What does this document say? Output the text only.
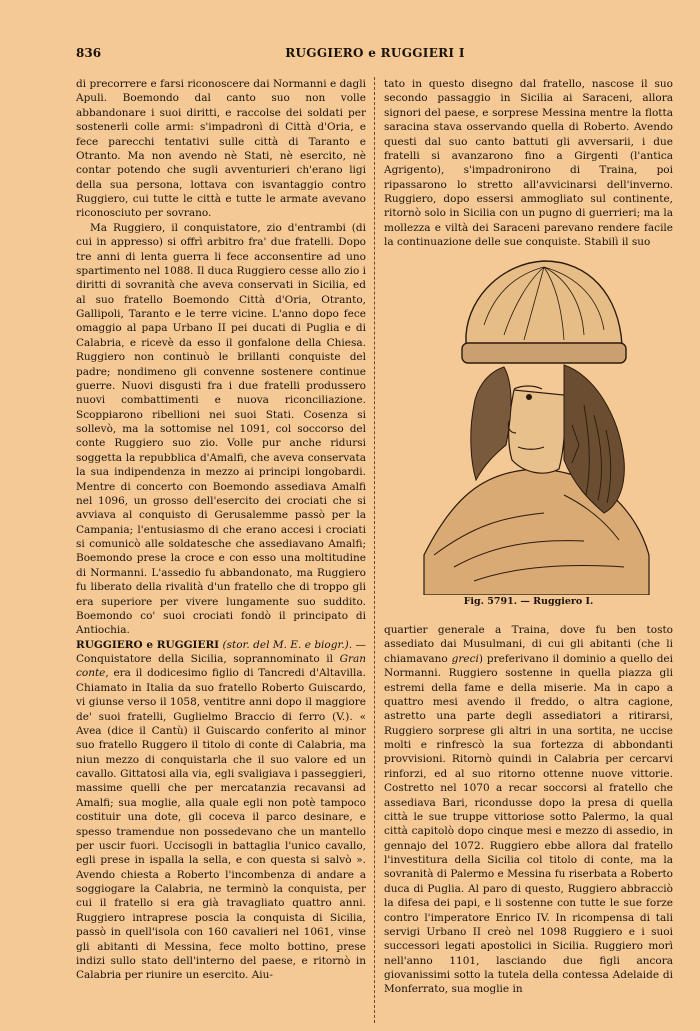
836	RUGGIERO e RUGGIERI I

di precorrere e farsi riconoscere dai Normanni e dagli Apuli. Boemondo dal canto suo non volle abbandonare i suoi diritti, e raccolse dei soldati per sostenerli colle armi: s'impadronì di Città d'Oria, e fece parecchi tentativi sulle città di Taranto e Otranto. Ma non avendo nè Stati, nè esercito, nè contar potendo che sugli avventurieri ch'erano ligi della sua persona, lottava con isvantaggio contro Ruggiero, cui tutte le città e tutte le armate avevano riconosciuto per sovrano.

Ma Ruggiero, il conquistatore, zio d'entrambi (di cui in appresso) si offrì arbitro fra' due fratelli. Dopo tre anni di lenta guerra li fece acconsentire ad uno spartimento nel 1088. Il duca Ruggiero cesse allo zio i diritti di sovranità che aveva conservati in Sicilia, ed al suo fratello Boemondo Città d'Oria, Otranto, Gallipoli, Taranto e le terre vicine. L'anno dopo fece omaggio al papa Urbano II pei ducati di Puglia e di Calabria, e ricevè da esso il gonfalone della Chiesa. Ruggiero non continuò le brillanti conquiste del padre; nondimeno gli convenne sostenere continue guerre. Nuovi disgusti fra i due fratelli produssero nuovi combattimenti e nuova riconciliazione. Scoppiarono ribellioni nei suoi Stati. Cosenza si sollevò, ma la sottomise nel 1091, col soccorso del conte Ruggiero suo zio. Volle pur anche ridursi soggetta la repubblica d'Amalfi, che aveva conservata la sua indipendenza in mezzo ai principi longobardi. Mentre di concerto con Boemondo assediava Amalfi nel 1096, un grosso dell'esercito dei crociati che si avviava al conquisto di Gerusalemme passò per la Campania; l'entusiasmo di che erano accesi i crociati si comunicò alle soldatesche che assediavano Amalfi; Boemondo prese la croce e con esso una moltitudine di Normanni. L'assedio fu abbandonato, ma Ruggiero fu liberato della rivalità d'un fratello che di troppo gli era superiore per vivere lungamente suo suddito. Boemondo co' suoi crociati fondò il principato di Antiochia.

RUGGIERO e RUGGIERI (stor. del M. E. e biogr.). — Conquistatore della Sicilia, soprannominato il Gran conte, era il dodicesimo figlio di Tancredi d'Altavilla. Chiamato in Italia da suo fratello Roberto Guiscardo, vi giunse verso il 1058, ventitre anni dopo il maggiore de' suoi fratelli, Guglielmo Braccio di ferro (V.). « Avea (dice il Cantù) il Guiscardo conferito al minor suo fratello Ruggero il titolo di conte di Calabria, ma niun mezzo di conquistarla che il suo valore ed un cavallo. Gittatosi alla via, egli svaligiava i passeggieri, massime quelli che per mercatanzia recavansi ad Amalfi; sua moglie, alla quale egli non potè tampoco costituir una dote, gli coceva il parco desinare, e spesso tramendue non possedevano che un mantello per uscir fuori. Uccisogli in battaglia l'unico cavallo, egli prese in ispalla la sella, e con questa si salvò ». Avendo chiesta a Roberto l'incombenza di andare a soggiogare la Calabria, ne terminò la conquista, per cui il fratello si era già travagliato quattro anni. Ruggiero intraprese poscia la conquista di Sicilia, passò in quell'isola con 160 cavalieri nel 1061, vinse gli abitanti di Messina, fece molto bottino, prese indizi sullo stato dell'interno del paese, e ritornò in Calabria per riunire un esercito. Aiu-

tato in questo disegno dal fratello, nascose il suo secondo passaggio in Sicilia ai Saraceni, allora signori del paese, e sorprese Messina mentre la flotta saracina stava osservando quella di Roberto. Avendo questi dal suo canto battuti gli avversarii, i due fratelli si avanzarono fino a Girgenti (l'antica Agrigento), s'impadronirono di Traina, poi ripassarono lo stretto all'avvicinarsi dell'inverno. Ruggiero, dopo essersi ammogliato sul continente, ritornò solo in Sicilia con un pugno di guerrieri; ma la mollezza e viltà dei Saraceni parevano rendere facile la continuazione delle sue conquiste. Stabilì il suo

Fig. 5791. — Ruggiero I.

quartier generale a Traina, dove fu ben tosto assediato dai Musulmani, di cui gli abitanti (che li chiamavano greci) preferivano il dominio a quello dei Normanni. Ruggiero sostenne in quella piazza gli estremi della fame e della miserie. Ma in capo a quattro mesi avendo il freddo, o altra cagione, astretto una parte degli assediatori a ritirarsi, Ruggiero sorprese gli altri in una sortita, ne uccise molti e rinfrescò la sua fortezza di abbondanti provvisioni. Ritornò quindi in Calabria per cercarvi rinforzi, ed al suo ritorno ottenne nuove vittorie. Costretto nel 1070 a recar soccorsi al fratello che assediava Bari, ricondusse dopo la presa di quella città le sue truppe vittoriose sotto Palermo, la qual città capitolò dopo cinque mesi e mezzo di assedio, in gennajo del 1072. Ruggiero ebbe allora dal fratello l'investitura della Sicilia col titolo di conte, ma la sovranità di Palermo e Messina fu riserbata a Roberto duca di Puglia. Al paro di questo, Ruggiero abbracciò la difesa dei papi, e li sostenne con tutte le sue forze contro l'imperatore Enrico IV. In ricompensa di tali servigi Urbano II creò nel 1098 Ruggiero e i suoi successori legati apostolici in Sicilia. Ruggiero morì nell'anno 1101, lasciando due figli ancora giovanissimi sotto la tutela della contessa Adelaide di Monferrato, sua moglie in
